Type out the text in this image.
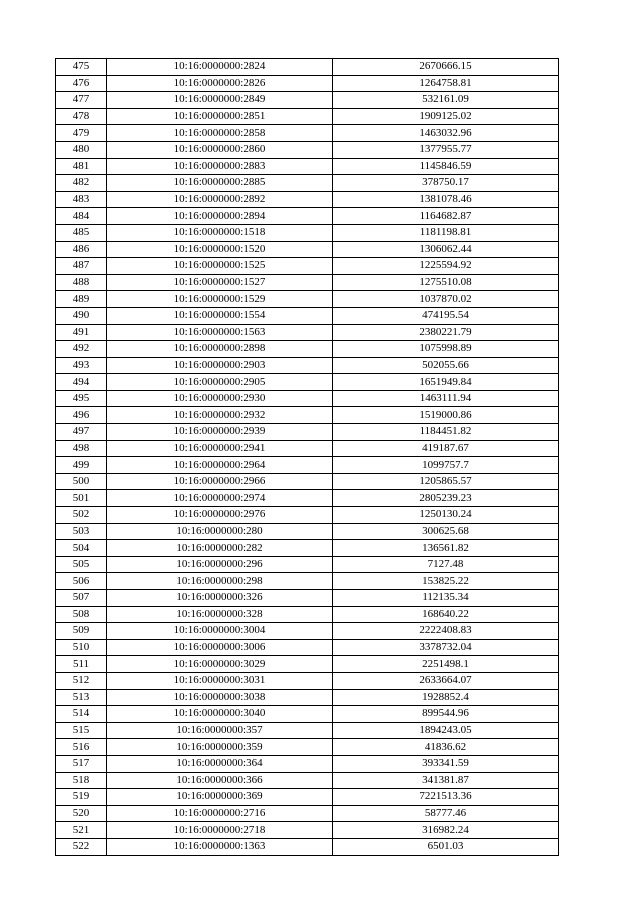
475	10:16:0000000:2824	2670666.15
476	10:16:0000000:2826	1264758.81
477	10:16:0000000:2849	532161.09
478	10:16:0000000:2851	1909125.02
479	10:16:0000000:2858	1463032.96
480	10:16:0000000:2860	1377955.77
481	10:16:0000000:2883	1145846.59
482	10:16:0000000:2885	378750.17
483	10:16:0000000:2892	1381078.46
484	10:16:0000000:2894	1164682.87
485	10:16:0000000:1518	1181198.81
486	10:16:0000000:1520	1306062.44
487	10:16:0000000:1525	1225594.92
488	10:16:0000000:1527	1275510.08
489	10:16:0000000:1529	1037870.02
490	10:16:0000000:1554	474195.54
491	10:16:0000000:1563	2380221.79
492	10:16:0000000:2898	1075998.89
493	10:16:0000000:2903	502055.66
494	10:16:0000000:2905	1651949.84
495	10:16:0000000:2930	1463111.94
496	10:16:0000000:2932	1519000.86
497	10:16:0000000:2939	1184451.82
498	10:16:0000000:2941	419187.67
499	10:16:0000000:2964	1099757.7
500	10:16:0000000:2966	1205865.57
501	10:16:0000000:2974	2805239.23
502	10:16:0000000:2976	1250130.24
503	10:16:0000000:280	300625.68
504	10:16:0000000:282	136561.82
505	10:16:0000000:296	7127.48
506	10:16:0000000:298	153825.22
507	10:16:0000000:326	112135.34
508	10:16:0000000:328	168640.22
509	10:16:0000000:3004	2222408.83
510	10:16:0000000:3006	3378732.04
511	10:16:0000000:3029	2251498.1
512	10:16:0000000:3031	2633664.07
513	10:16:0000000:3038	1928852.4
514	10:16:0000000:3040	899544.96
515	10:16:0000000:357	1894243.05
516	10:16:0000000:359	41836.62
517	10:16:0000000:364	393341.59
518	10:16:0000000:366	341381.87
519	10:16:0000000:369	7221513.36
520	10:16:0000000:2716	58777.46
521	10:16:0000000:2718	316982.24
522	10:16:0000000:1363	6501.03
